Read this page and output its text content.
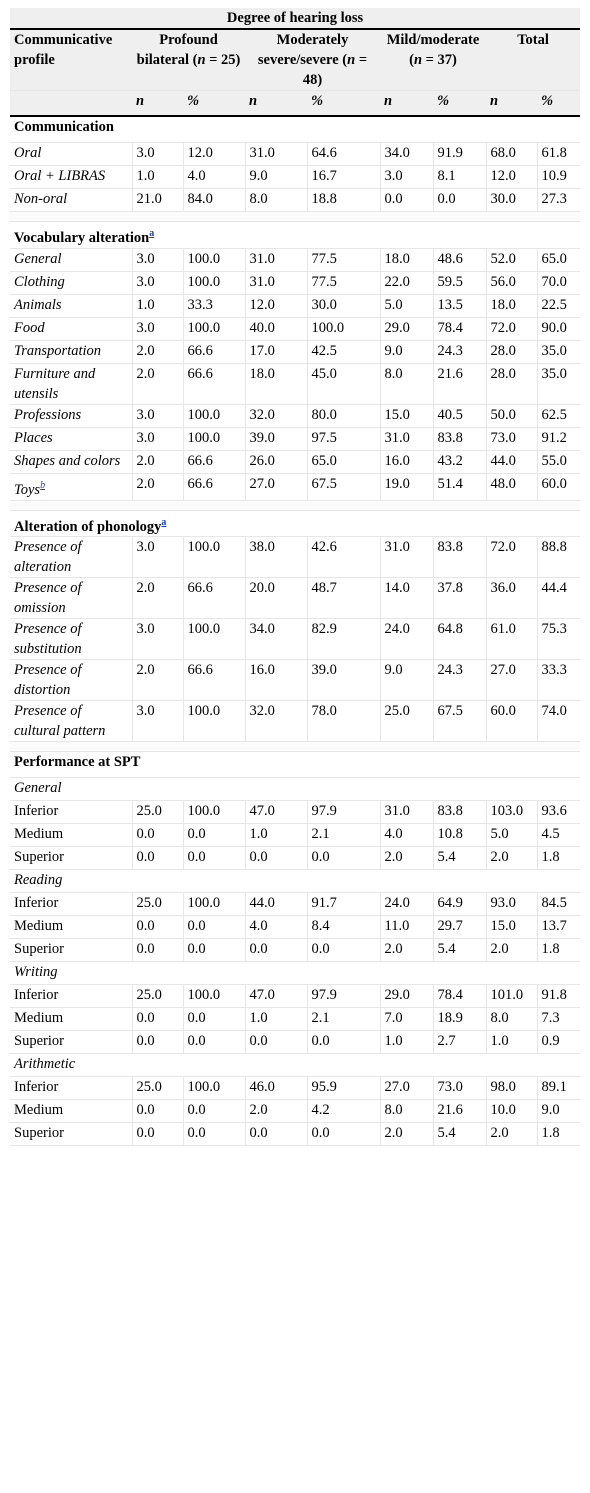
Degree of hearing loss								
Communicative profile	Profound bilateral (n = 25)		Moderately severe/severe (n = 48)		Mild/moderate (n = 37)		Total	
	n	%	n	%	n	%	n	%
Communication								
Oral	3.0	12.0	31.0	64.6	34.0	91.9	68.0	61.8
Oral + LIBRAS	1.0	4.0	9.0	16.7	3.0	8.1	12.0	10.9
Non-oral	21.0	84.0	8.0	18.8	0.0	0.0	30.0	27.3

Vocabulary alteration$^a$
General	3.0	100.0	31.0	77.5	18.0	48.6	52.0	65.0
Clothing	3.0	100.0	31.0	77.5	22.0	59.5	56.0	70.0
Animals	1.0	33.3	12.0	30.0	5.0	13.5	18.0	22.5
Food	3.0	100.0	40.0	100.0	29.0	78.4	72.0	90.0
Transportation	2.0	66.6	17.0	42.5	9.0	24.3	28.0	35.0
Furniture and utensils	2.0	66.6	18.0	45.0	8.0	21.6	28.0	35.0
Professions	3.0	100.0	32.0	80.0	15.0	40.5	50.0	62.5
Places	3.0	100.0	39.0	97.5	31.0	83.8	73.0	91.2
Shapes and colors	2.0	66.6	26.0	65.0	16.0	43.2	44.0	55.0
Toys$^b$	2.0	66.6	27.0	67.5	19.0	51.4	48.0	60.0

Alteration of phonology$^a$
Presence of alteration	3.0	100.0	38.0	42.6	31.0	83.8	72.0	88.8
Presence of omission	2.0	66.6	20.0	48.7	14.0	37.8	36.0	44.4
Presence of substitution	3.0	100.0	34.0	82.9	24.0	64.8	61.0	75.3
Presence of distortion	2.0	66.6	16.0	39.0	9.0	24.3	27.0	33.3
Presence of cultural pattern	3.0	100.0	32.0	78.0	25.0	67.5	60.0	74.0

Performance at SPT								
General								
Inferior	25.0	100.0	47.0	97.9	31.0	83.8	103.0	93.6
Medium	0.0	0.0	1.0	2.1	4.0	10.8	5.0	4.5
Superior	0.0	0.0	0.0	0.0	2.0	5.4	2.0	1.8
Reading								
Inferior	25.0	100.0	44.0	91.7	24.0	64.9	93.0	84.5
Medium	0.0	0.0	4.0	8.4	11.0	29.7	15.0	13.7
Superior	0.0	0.0	0.0	0.0	2.0	5.4	2.0	1.8
Writing								
Inferior	25.0	100.0	47.0	97.9	29.0	78.4	101.0	91.8
Medium	0.0	0.0	1.0	2.1	7.0	18.9	8.0	7.3
Superior	0.0	0.0	0.0	0.0	1.0	2.7	1.0	0.9
Arithmetic								
Inferior	25.0	100.0	46.0	95.9	27.0	73.0	98.0	89.1
Medium	0.0	0.0	2.0	4.2	8.0	21.6	10.0	9.0
Superior	0.0	0.0	0.0	0.0	2.0	5.4	2.0	1.8
